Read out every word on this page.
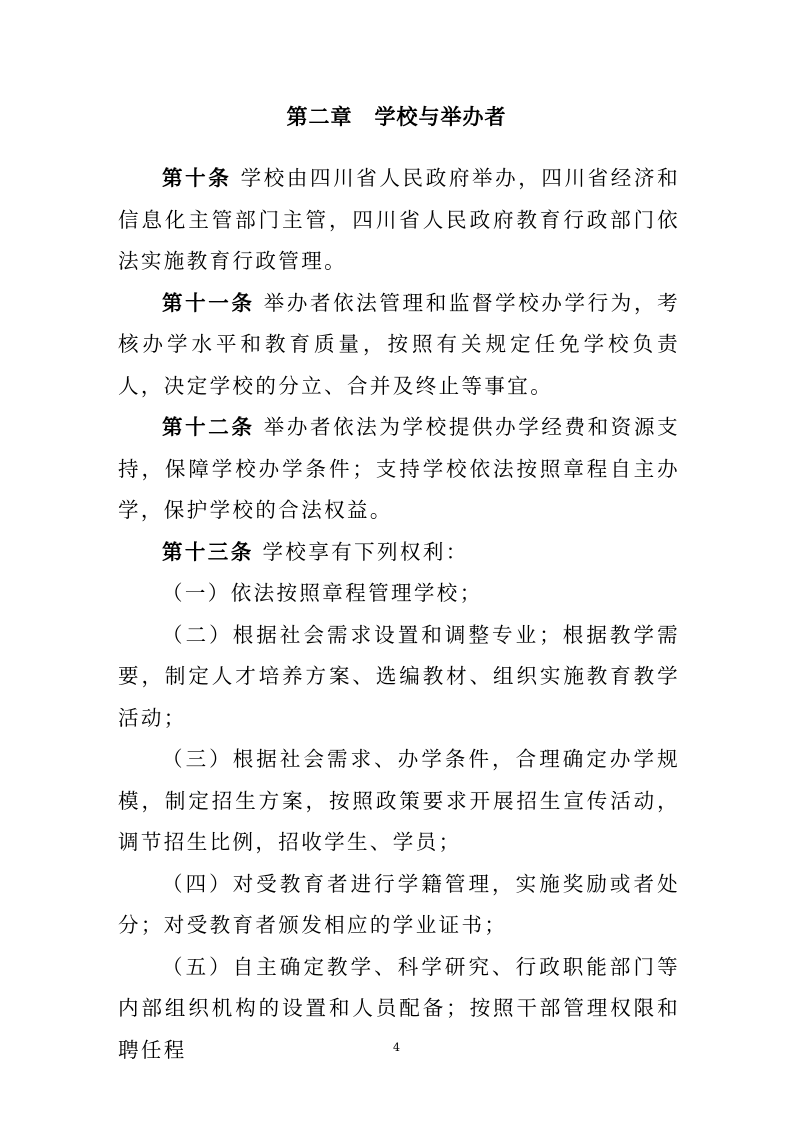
第二章　学校与举办者

第十条 学校由四川省人民政府举办，四川省经济和信息化主管部门主管，四川省人民政府教育行政部门依法实施教育行政管理。

第十一条 举办者依法管理和监督学校办学行为，考核办学水平和教育质量，按照有关规定任免学校负责人，决定学校的分立、合并及终止等事宜。

第十二条 举办者依法为学校提供办学经费和资源支持，保障学校办学条件；支持学校依法按照章程自主办学，保护学校的合法权益。

第十三条 学校享有下列权利：

（一）依法按照章程管理学校；

（二）根据社会需求设置和调整专业；根据教学需要，制定人才培养方案、选编教材、组织实施教育教学活动；

（三）根据社会需求、办学条件，合理确定办学规模，制定招生方案，按照政策要求开展招生宣传活动，调节招生比例，招收学生、学员；

（四）对受教育者进行学籍管理，实施奖励或者处分；对受教育者颁发相应的学业证书；

（五）自主确定教学、科学研究、行政职能部门等内部组织机构的设置和人员配备；按照干部管理权限和聘任程	4
